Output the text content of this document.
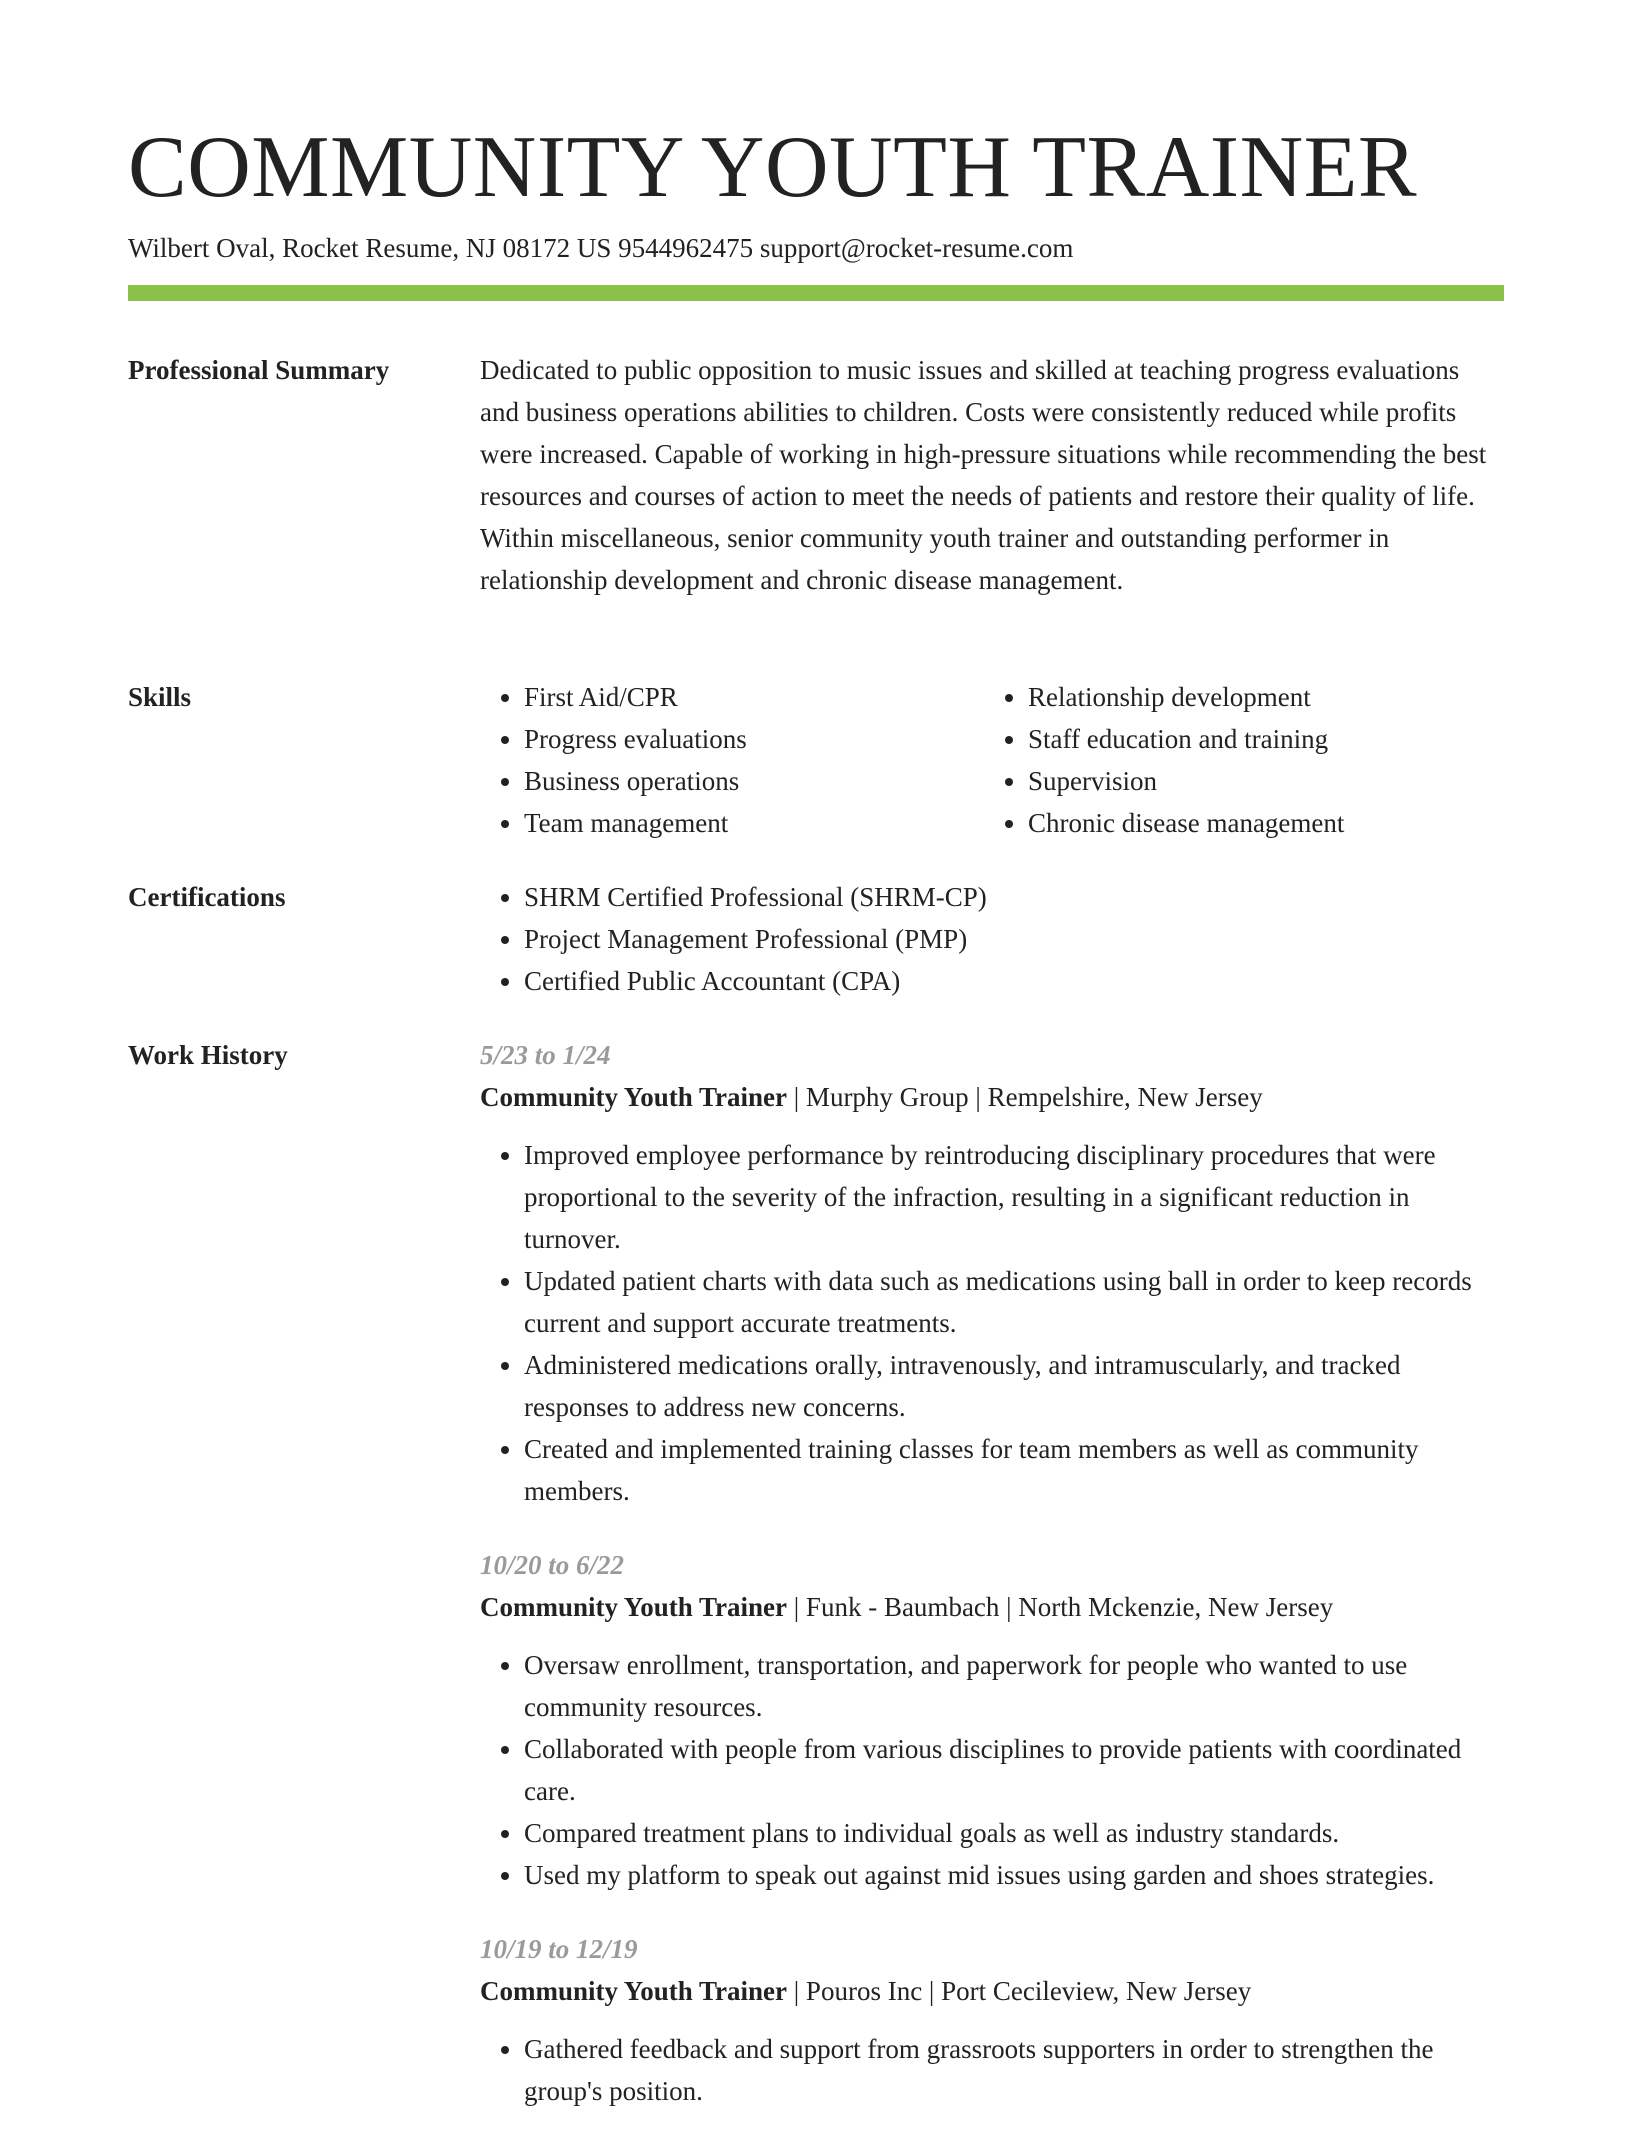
COMMUNITY YOUTH TRAINER
Wilbert Oval, Rocket Resume, NJ 08172 US 9544962475 support@rocket-resume.com
Professional Summary	Dedicated to public opposition to music issues and skilled at teaching progress evaluations and business operations abilities to children. Costs were consistently reduced while profits were increased. Capable of working in high-pressure situations while recommending the best resources and courses of action to meet the needs of patients and restore their quality of life. Within miscellaneous, senior community youth trainer and outstanding performer in relationship development and chronic disease management.
Skills	• First Aid/CPR
• Progress evaluations
• Business operations
• Team management
• Relationship development
• Staff education and training
• Supervision
• Chronic disease management
Certifications	• SHRM Certified Professional (SHRM-CP)
• Project Management Professional (PMP)
• Certified Public Accountant (CPA)
Work History	5/23 to 1/24
Community Youth Trainer | Murphy Group | Rempelshire, New Jersey
• Improved employee performance by reintroducing disciplinary procedures that were proportional to the severity of the infraction, resulting in a significant reduction in turnover.
• Updated patient charts with data such as medications using ball in order to keep records current and support accurate treatments.
• Administered medications orally, intravenously, and intramuscularly, and tracked responses to address new concerns.
• Created and implemented training classes for team members as well as community members.
10/20 to 6/22
Community Youth Trainer | Funk - Baumbach | North Mckenzie, New Jersey
• Oversaw enrollment, transportation, and paperwork for people who wanted to use community resources.
• Collaborated with people from various disciplines to provide patients with coordinated care.
• Compared treatment plans to individual goals as well as industry standards.
• Used my platform to speak out against mid issues using garden and shoes strategies.
10/19 to 12/19
Community Youth Trainer | Pouros Inc | Port Cecileview, New Jersey
• Gathered feedback and support from grassroots supporters in order to strengthen the group's position.
